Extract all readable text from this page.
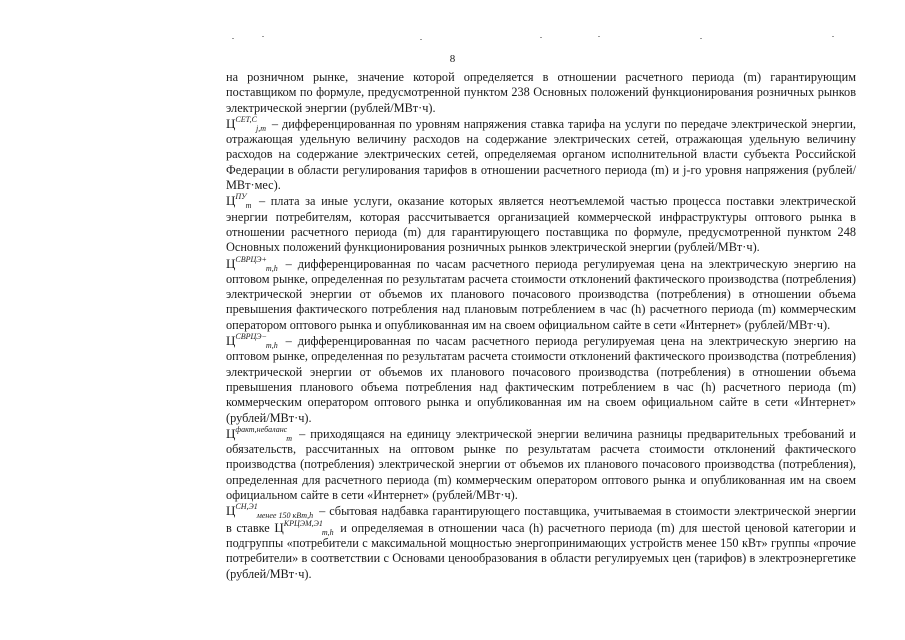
8

на розничном рынке, значение которой определяется в отношении расчетного периода (m) гарантирующим поставщиком по формуле, предусмотренной пунктом 238 Основных положений функционирования розничных рынков электрической энергии (рублей/МВт·ч).

$Ц^{СЕТ,С}_{j,m}$ – дифференцированная по уровням напряжения ставка тарифа на услуги по передаче электрической энергии, отражающая удельную величину расходов на содержание электрических сетей, отражающая удельную величину расходов на содержание электрических сетей, определяемая органом исполнительной власти субъекта Российской Федерации в области регулирования тарифов в отношении расчетного периода (m) и j-го уровня напряжения (рублей/МВт·мес).

$Ц^{ПУ}_m$ – плата за иные услуги, оказание которых является неотъемлемой частью процесса поставки электрической энергии потребителям, которая рассчитывается организацией коммерческой инфраструктуры оптового рынка в отношении расчетного периода (m) для гарантирующего поставщика по формуле, предусмотренной пунктом 248 Основных положений функционирования розничных рынков электрической энергии (рублей/МВт·ч).

$Ц^{СВРЦЭ+}_{m,h}$ – дифференцированная по часам расчетного периода регулируемая цена на электрическую энергию на оптовом рынке, определенная по результатам расчета стоимости отклонений фактического производства (потребления) электрической энергии от объемов их планового почасового производства (потребления) в отношении объема превышения фактического потребления над плановым потреблением в час (h) расчетного периода (m) коммерческим оператором оптового рынка и опубликованная им на своем официальном сайте в сети «Интернет» (рублей/МВт·ч).

$Ц^{СВРЦЭ-}_{m,h}$ – дифференцированная по часам расчетного периода регулируемая цена на электрическую энергию на оптовом рынке, определенная по результатам расчета стоимости отклонений фактического производства (потребления) электрической энергии от объемов их планового почасового производства (потребления) в отношении объема превышения планового объема потребления над фактическим потреблением в час (h) расчетного периода (m) коммерческим оператором оптового рынка и опубликованная им на своем официальном сайте в сети «Интернет» (рублей/МВт·ч).

$Ц^{факт,небаланс}_m$ – приходящаяся на единицу электрической энергии величина разницы предварительных требований и обязательств, рассчитанных на оптовом рынке по результатам расчета стоимости отклонений фактического производства (потребления) электрической энергии от объемов их планового почасового производства (потребления), определенная для расчетного периода (m) коммерческим оператором оптового рынка и опубликованная им на своем официальном сайте в сети «Интернет» (рублей/МВт·ч).

$Ц^{СН,Э1}_{менее 150 кВт,h}$ – сбытовая надбавка гарантирующего поставщика, учитываемая в стоимости электрической энергии в ставке $Ц^{КРЦЭМ,Э1}_{m,h}$ и определяемая в отношении часа (h) расчетного периода (m) для шестой ценовой категории и подгруппы «потребители с максимальной мощностью энергопринимающих устройств менее 150 кВт» группы «прочие потребители» в соответствии с Основами ценообразования в области регулируемых цен (тарифов) в электроэнергетике (рублей/МВт·ч).
